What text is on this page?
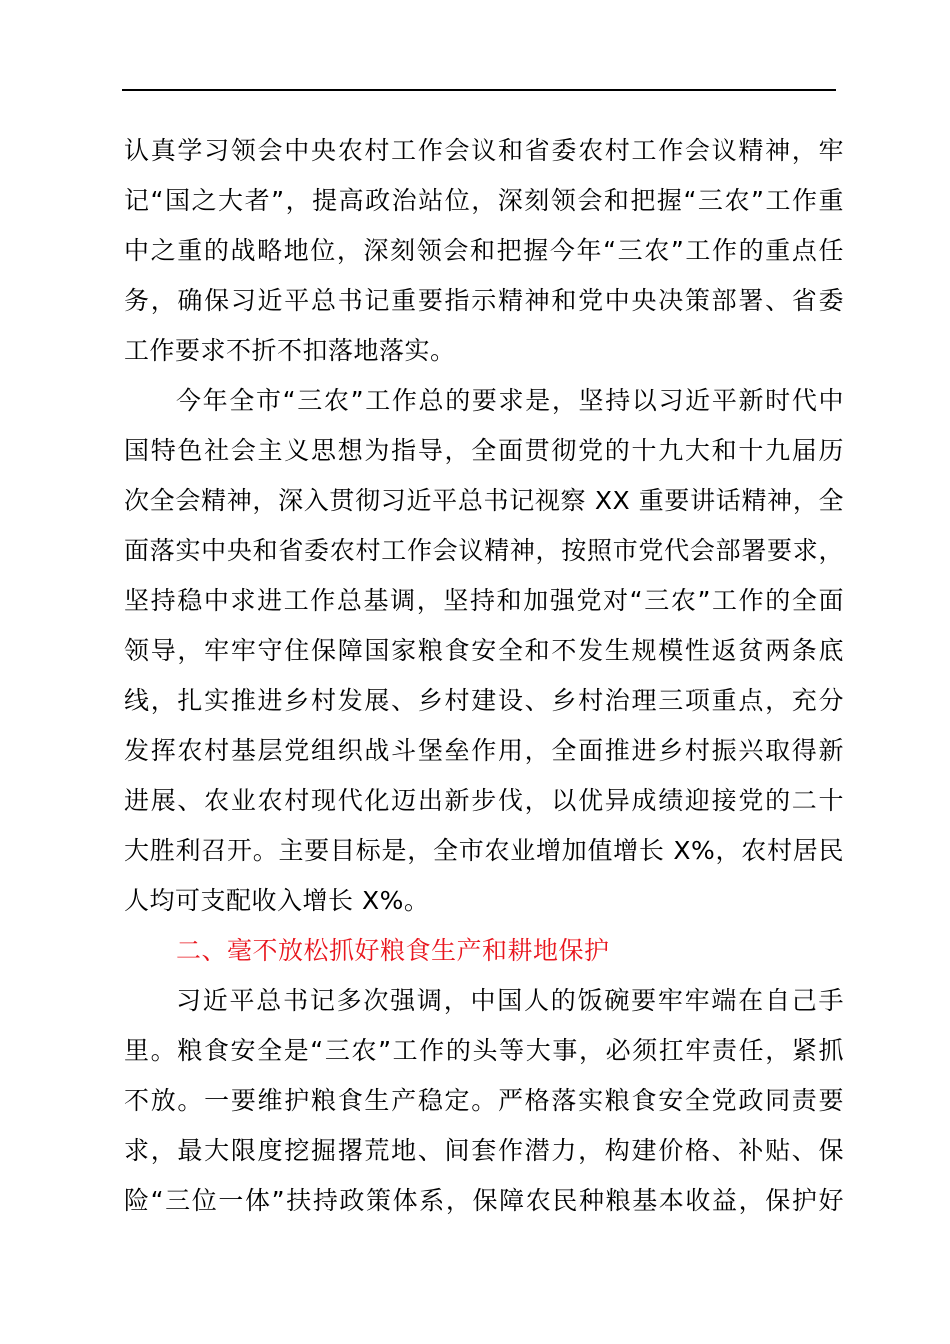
认真学习领会中央农村工作会议和省委农村工作会议精神，牢
记“国之大者”，提高政治站位，深刻领会和把握“三农”工作重
中之重的战略地位，深刻领会和把握今年“三农”工作的重点任
务，确保习近平总书记重要指示精神和党中央决策部署、省委
工作要求不折不扣落地落实。
今年全市“三农”工作总的要求是，坚持以习近平新时代中
国特色社会主义思想为指导，全面贯彻党的十九大和十九届历
次全会精神，深入贯彻习近平总书记视察 XX 重要讲话精神，全
面落实中央和省委农村工作会议精神，按照市党代会部署要求，
坚持稳中求进工作总基调，坚持和加强党对“三农”工作的全面
领导，牢牢守住保障国家粮食安全和不发生规模性返贫两条底
线，扎实推进乡村发展、乡村建设、乡村治理三项重点，充分
发挥农村基层党组织战斗堡垒作用，全面推进乡村振兴取得新
进展、农业农村现代化迈出新步伐，以优异成绩迎接党的二十
大胜利召开。主要目标是，全市农业增加值增长 X%，农村居民
人均可支配收入增长 X%。
二、毫不放松抓好粮食生产和耕地保护
习近平总书记多次强调，中国人的饭碗要牢牢端在自己手
里。粮食安全是“三农”工作的头等大事，必须扛牢责任，紧抓
不放。一要维护粮食生产稳定。严格落实粮食安全党政同责要
求，最大限度挖掘撂荒地、间套作潜力，构建价格、补贴、保
险“三位一体”扶持政策体系，保障农民种粮基本收益，保护好
